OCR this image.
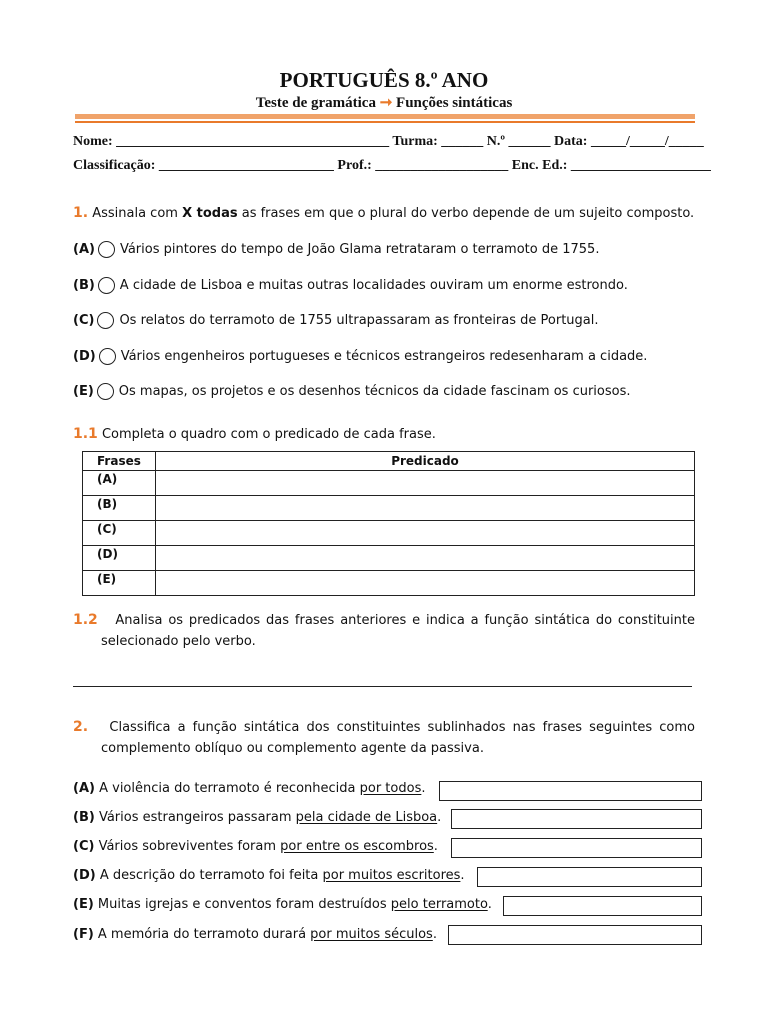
PORTUGUÊS 8.º ANO
Teste de gramática ➞ Funções sintáticas
Nome: _______________________________________ Turma: ______ N.º ______ Data: _____/_____/_____
Classificação: _________________________ Prof.: ___________________ Enc. Ed.: ____________________
1. Assinala com X todas as frases em que o plural do verbo depende de um sujeito composto.
(A) Vários pintores do tempo de João Glama retrataram o terramoto de 1755.
(B) A cidade de Lisboa e muitas outras localidades ouviram um enorme estrondo.
(C) Os relatos do terramoto de 1755 ultrapassaram as fronteiras de Portugal.
(D) Vários engenheiros portugueses e técnicos estrangeiros redesenharam a cidade.
(E) Os mapas, os projetos e os desenhos técnicos da cidade fascinam os curiosos.
1.1 Completa o quadro com o predicado de cada frase.
Frases	Predicado
(A)	
(B)	
(C)	
(D)	
(E)	
1.2 Analisa os predicados das frases anteriores e indica a função sintática do constituinte selecionado pelo verbo.
2. Classifica a função sintática dos constituintes sublinhados nas frases seguintes como complemento oblíquo ou complemento agente da passiva.
(A) A violência do terramoto é reconhecida por todos.
(B) Vários estrangeiros passaram pela cidade de Lisboa.
(C) Vários sobreviventes foram por entre os escombros.
(D) A descrição do terramoto foi feita por muitos escritores.
(E) Muitas igrejas e conventos foram destruídos pelo terramoto.
(F) A memória do terramoto durará por muitos séculos.
